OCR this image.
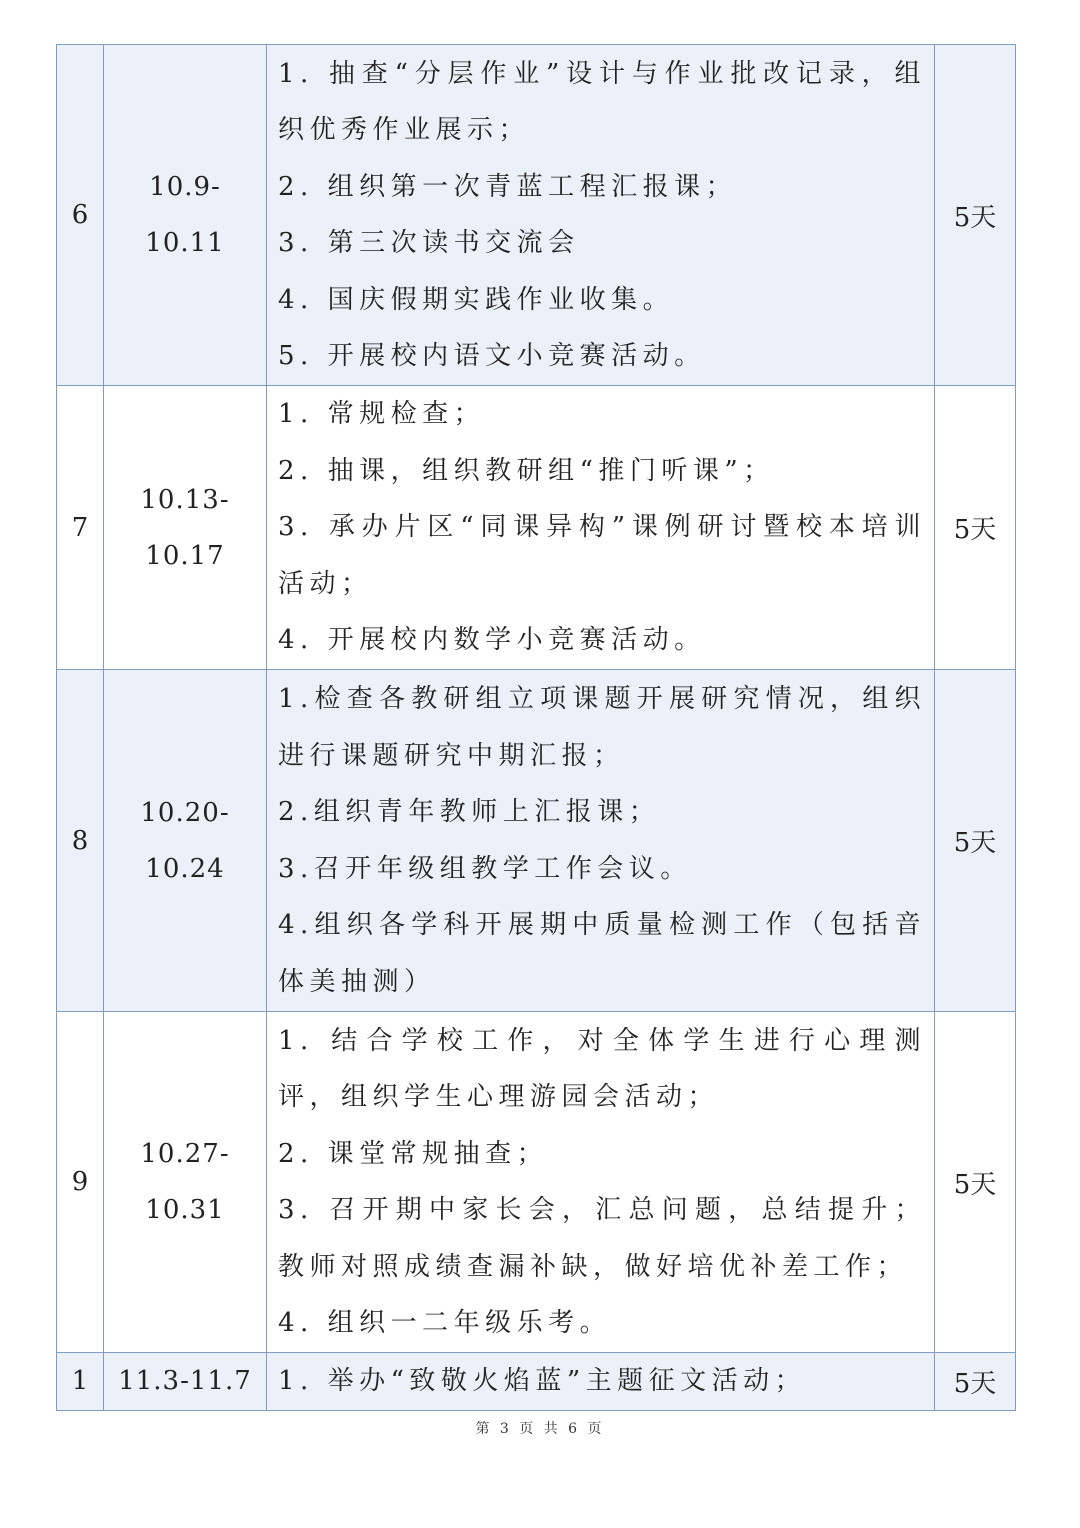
6	10.9-10.11	1. 抽查“分层作业”设计与作业批改记录，组织优秀作业展示；
2. 组织第一次青蓝工程汇报课；
3. 第三次读书交流会
4. 国庆假期实践作业收集。
5. 开展校内语文小竞赛活动。	5天
7	10.13-10.17	1. 常规检查；
2. 抽课，组织教研组“推门听课”；
3. 承办片区“同课异构”课例研讨暨校本培训活动；
4. 开展校内数学小竞赛活动。	5天
8	10.20-10.24	1.检查各教研组立项课题开展研究情况，组织进行课题研究中期汇报；
2.组织青年教师上汇报课；
3.召开年级组教学工作会议。
4.组织各学科开展期中质量检测工作（包括音体美抽测）	5天
9	10.27-10.31	1. 结合学校工作，对全体学生进行心理测评，组织学生心理游园会活动；
2. 课堂常规抽查；
3. 召开期中家长会，汇总问题，总结提升；教师对照成绩查漏补缺，做好培优补差工作；
4. 组织一二年级乐考。	5天
1	11.3-11.7	1. 举办“致敬火焰蓝”主题征文活动；	5天
第 3 页 共 6 页
